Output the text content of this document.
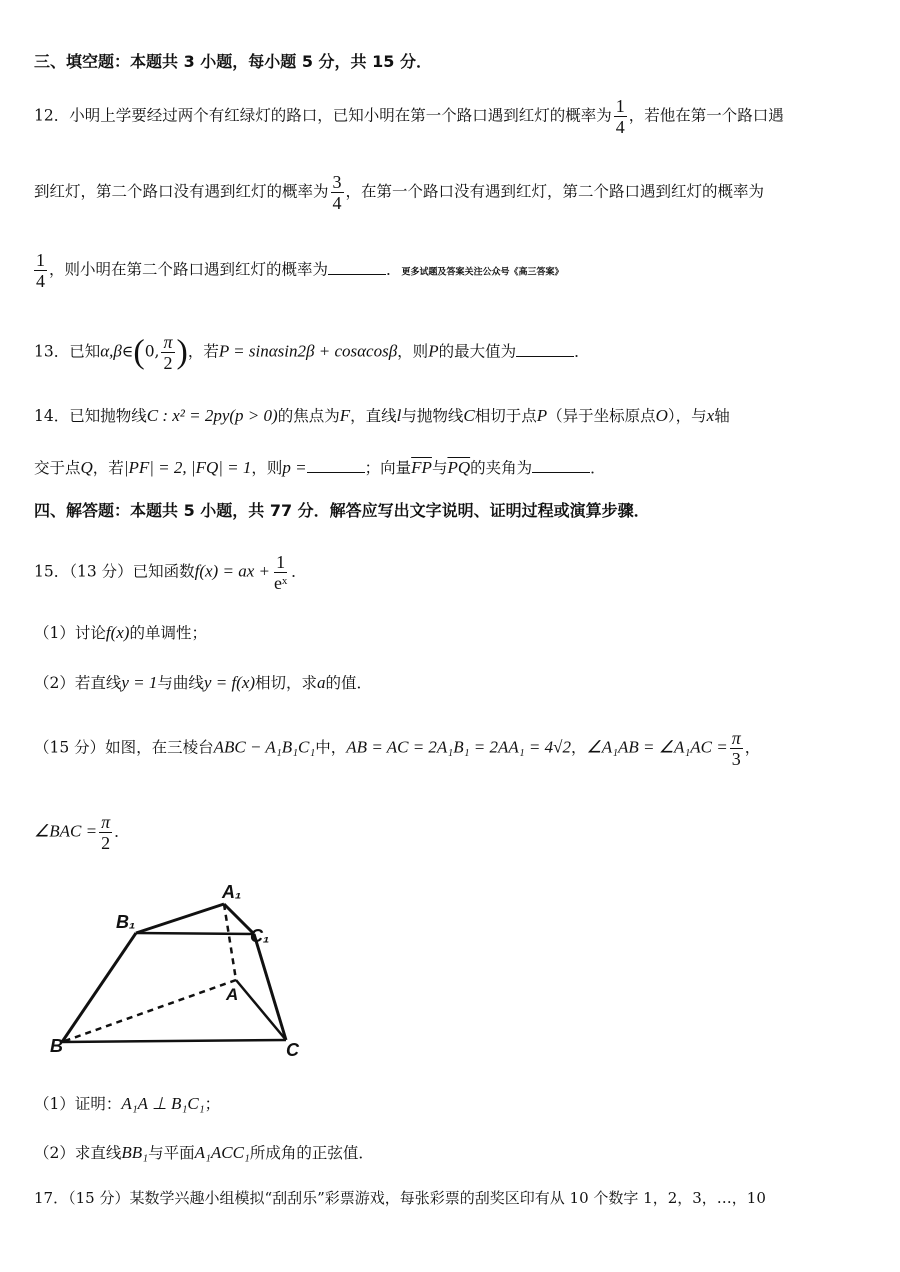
三、填空题：本题共 3 小题，每小题 5 分，共 15 分．
12．小明上学要经过两个有红绿灯的路口，已知小明在第一个路口遇到红灯的概率为 $\frac{1}{4}$ ，若他在第一个路口遇
到红灯，第二个路口没有遇到红灯的概率为 $\frac{3}{4}$ ，在第一个路口没有遇到红灯，第二个路口遇到红灯的概率为
$\frac{1}{4}$ ，则小明在第二个路口遇到红灯的概率为	．更多试题及答案关注公众号《高三答案》
13．已知α,β∈(0, $\frac{\pi}{2}$ )，若P = sinαsin2β + cosαcosβ，则P的最大值为	．
14．已知抛物线C : x² = 2py(p > 0)的焦点为F，直线l与抛物线C相切于点P（异于坐标原点O），与x轴
交于点Q，若|PF| = 2, |FQ| = 1，则p =	；向量$\overline{FP}$与$\overline{PQ}$的夹角为	．
四、解答题：本题共 5 小题，共 77 分．解答应写出文字说明、证明过程或演算步骤．
15．（13 分）已知函数f(x) = ax + $\frac{1}{\text{eˣ}}$ ．
（1）讨论f(x)的单调性；
（2）若直线y = 1与曲线y = f(x)相切，求a的值．
（15 分）如图，在三棱台ABC − A₁B₁C₁中，AB = AC = 2A₁B₁ = 2AA₁ = 4√2，∠A₁AB = ∠A₁AC = $\frac{\pi}{3}$ ，
∠BAC = $\frac{\pi}{2}$ ．
A₁
B₁
C₁
A
B	C
（1）证明：A₁A ⊥ B₁C₁；
（2）求直线BB₁与平面A₁ACC₁所成角的正弦值．
17．（15 分）某数学兴趣小组模拟“刮刮乐”彩票游戏，每张彩票的刮奖区印有从 10 个数字 1，2，3，…，10
